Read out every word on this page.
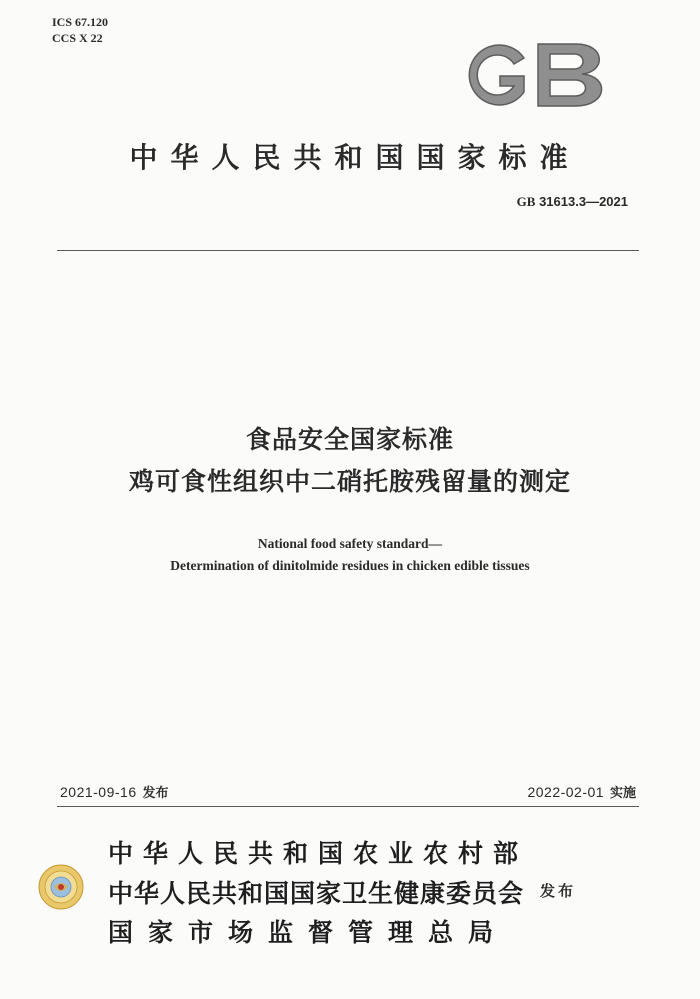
ICS 67.120
CCS X 22
中华人民共和国国家标准
GB 31613.3—2021
食品安全国家标准
鸡可食性组织中二硝托胺残留量的测定
National food safety standard—
Determination of dinitolmide residues in chicken edible tissues
2021-09-16 发布	2022-02-01 实施
中华人民共和国农业农村部
中华人民共和国国家卫生健康委员会
国家市场监督管理总局
发布
